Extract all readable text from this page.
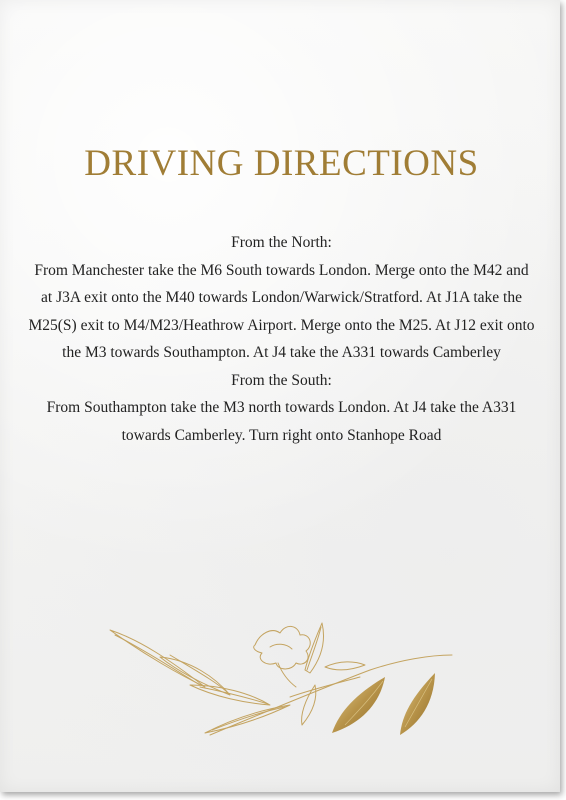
DRIVING DIRECTIONS

From the North:

From Manchester take the M6 South towards London. Merge onto the M42 and at J3A exit onto the M40 towards London/Warwick/Stratford. At J1A take the M25(S) exit to M4/M23/Heathrow Airport. Merge onto the M25. At J12 exit onto the M3 towards Southampton. At J4 take the A331 towards Camberley

From the South:

From Southampton take the M3 north towards London. At J4 take the A331 towards Camberley. Turn right onto Stanhope Road
